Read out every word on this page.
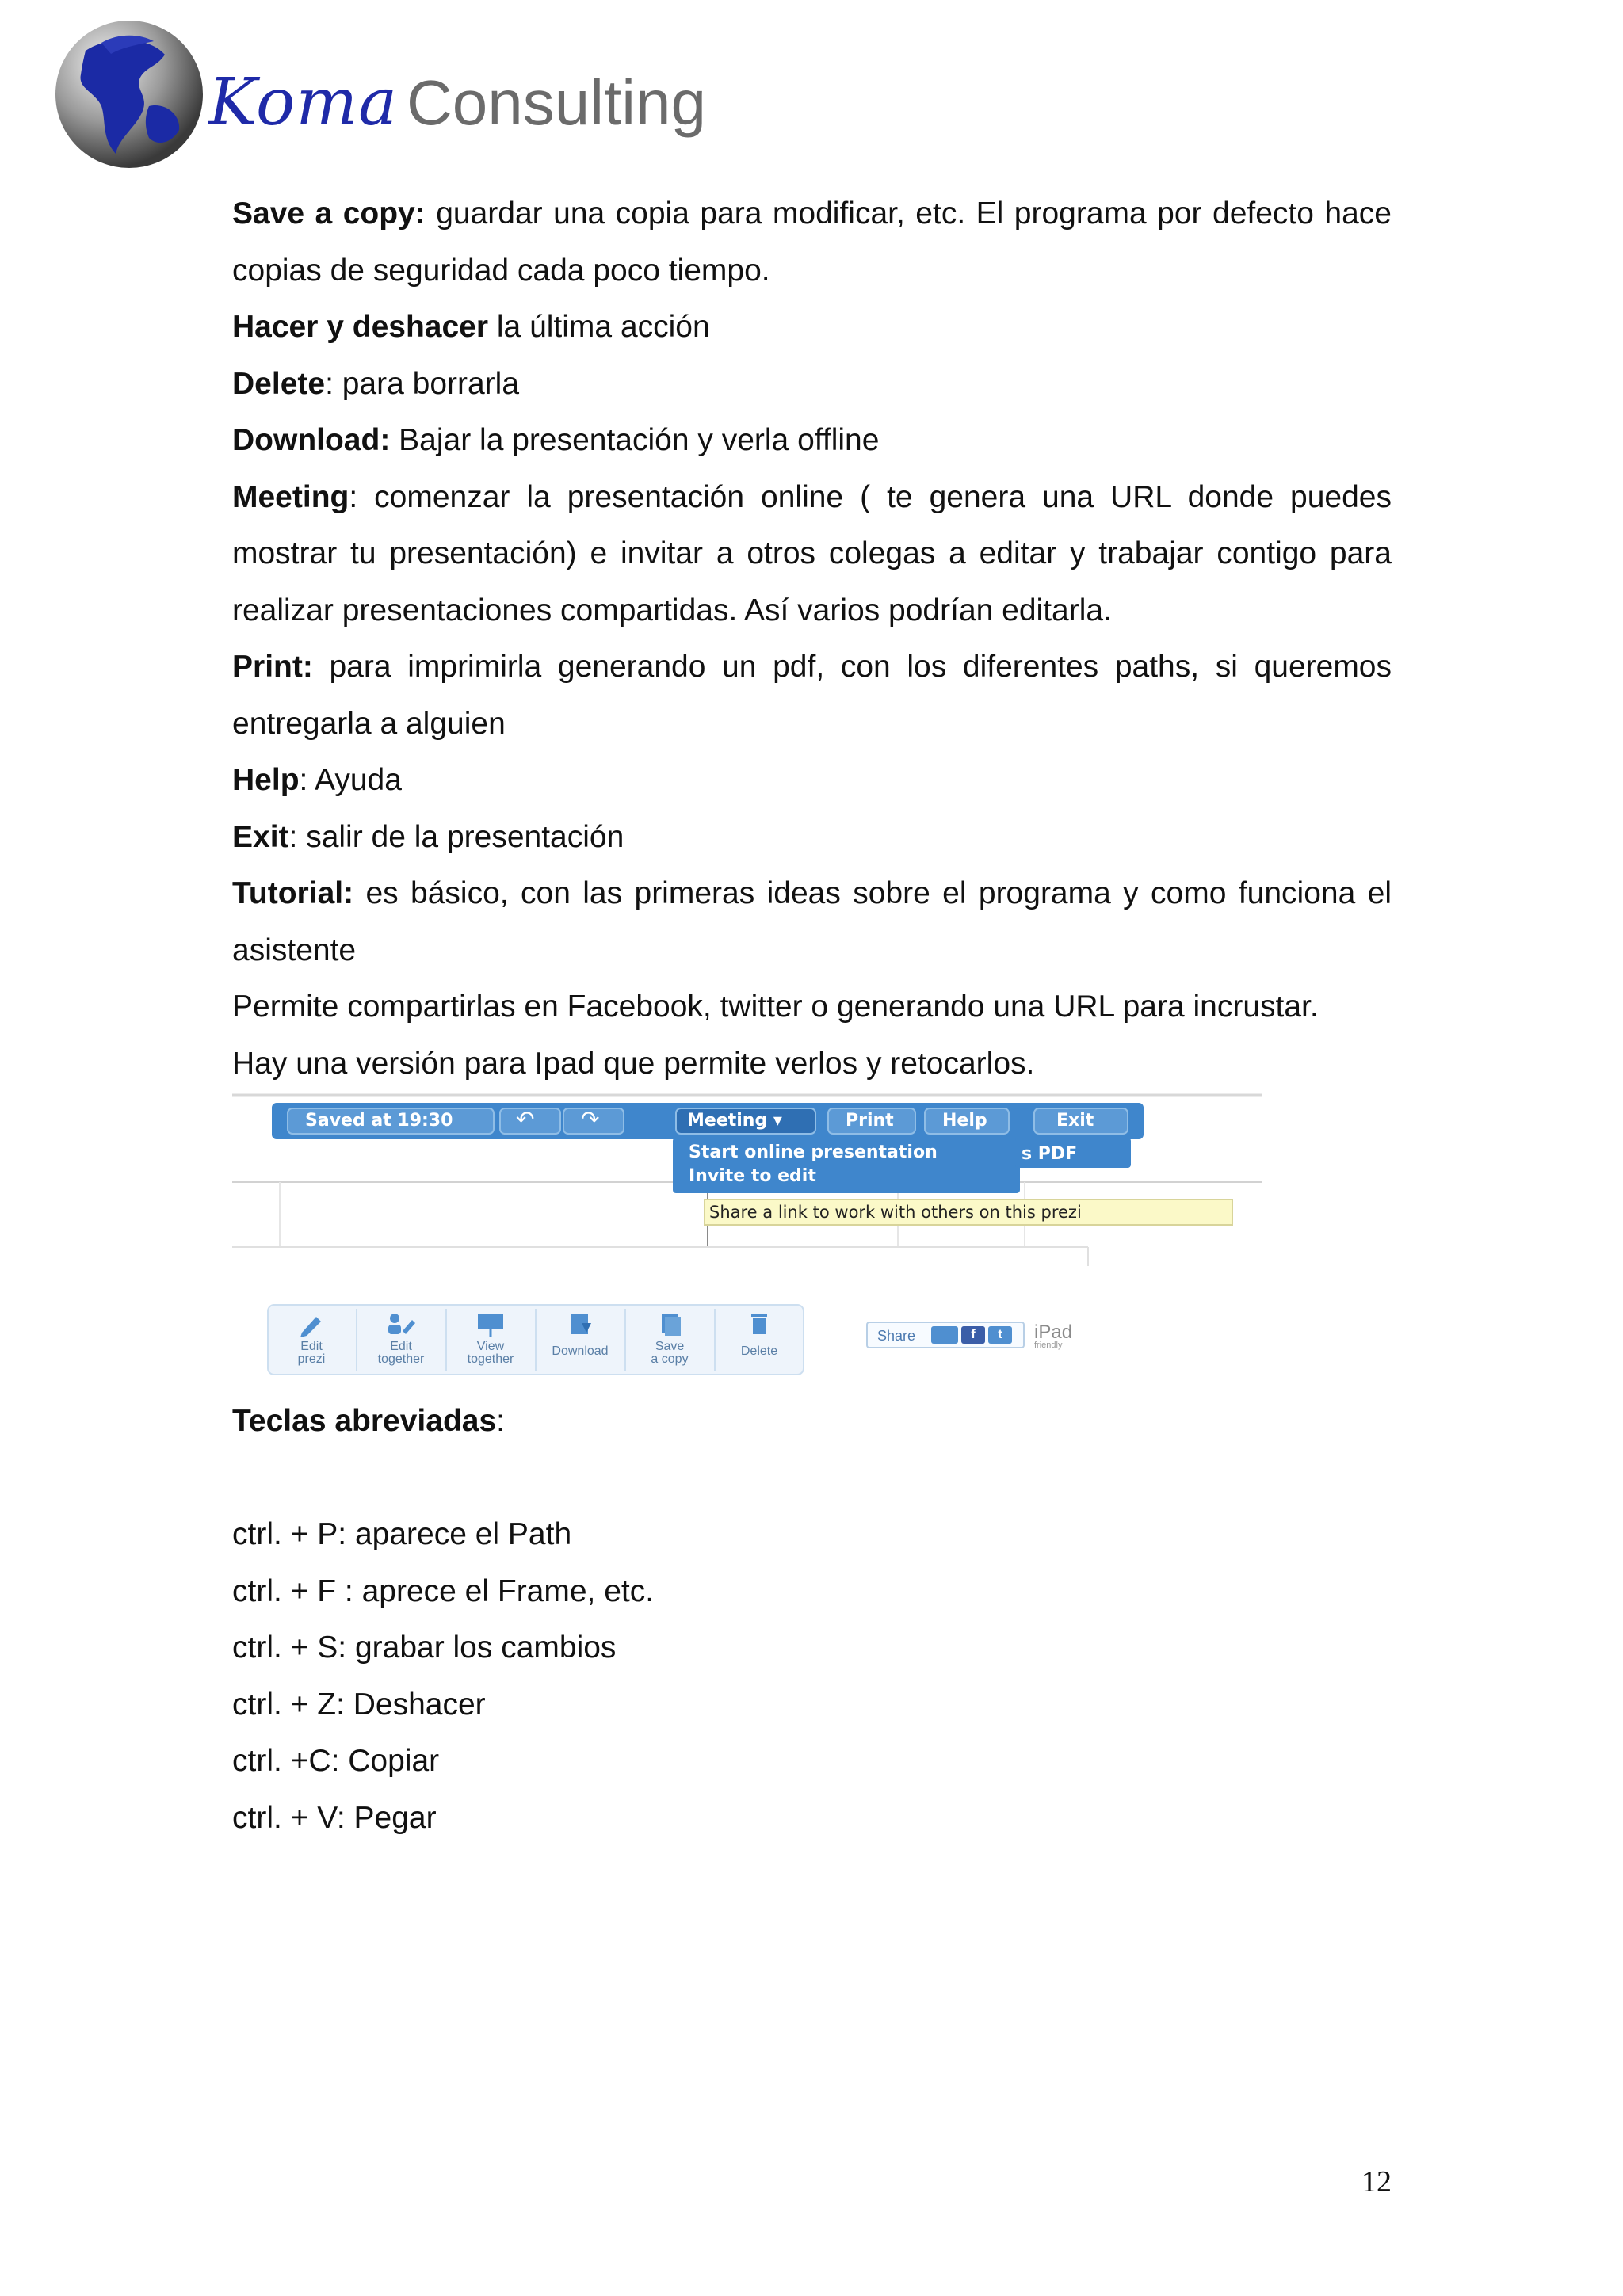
Koma Consulting

Save a copy: guardar una copia para modificar, etc. El programa por defecto hace copias de seguridad cada poco tiempo.

Hacer y deshacer la última acción

Delete: para borrarla

Download: Bajar la presentación y verla offline

Meeting: comenzar la presentación online ( te genera una URL donde puedes mostrar tu presentación) e invitar a otros colegas a editar y trabajar contigo para realizar presentaciones compartidas. Así varios podrían editarla.

Print: para imprimirla generando un pdf, con los diferentes paths, si queremos entregarla a alguien

Help: Ayuda

Exit: salir de la presentación

Tutorial: es básico, con las primeras ideas sobre el programa y como funciona el asistente

Permite compartirlas en Facebook, twitter o generando una URL para incrustar.

Hay una versión para Ipad que permite verlos y retocarlos.

Saved at 19:30	↶ ↷	Meeting ▾	Print	Help	Exit
Start online presentation	s PDF
Invite to edit
Share a link to work with others on this prezi
Edit
prezi
Edit
together
View
together
Download	Save
a copy
Delete
Share	f	t	iPad
friendly
Teclas abreviadas:
ctrl. + P: aparece el Path
ctrl. + F : aprece el Frame, etc.
ctrl. + S: grabar los cambios
ctrl. + Z: Deshacer
ctrl. +C: Copiar
ctrl. + V: Pegar
12
